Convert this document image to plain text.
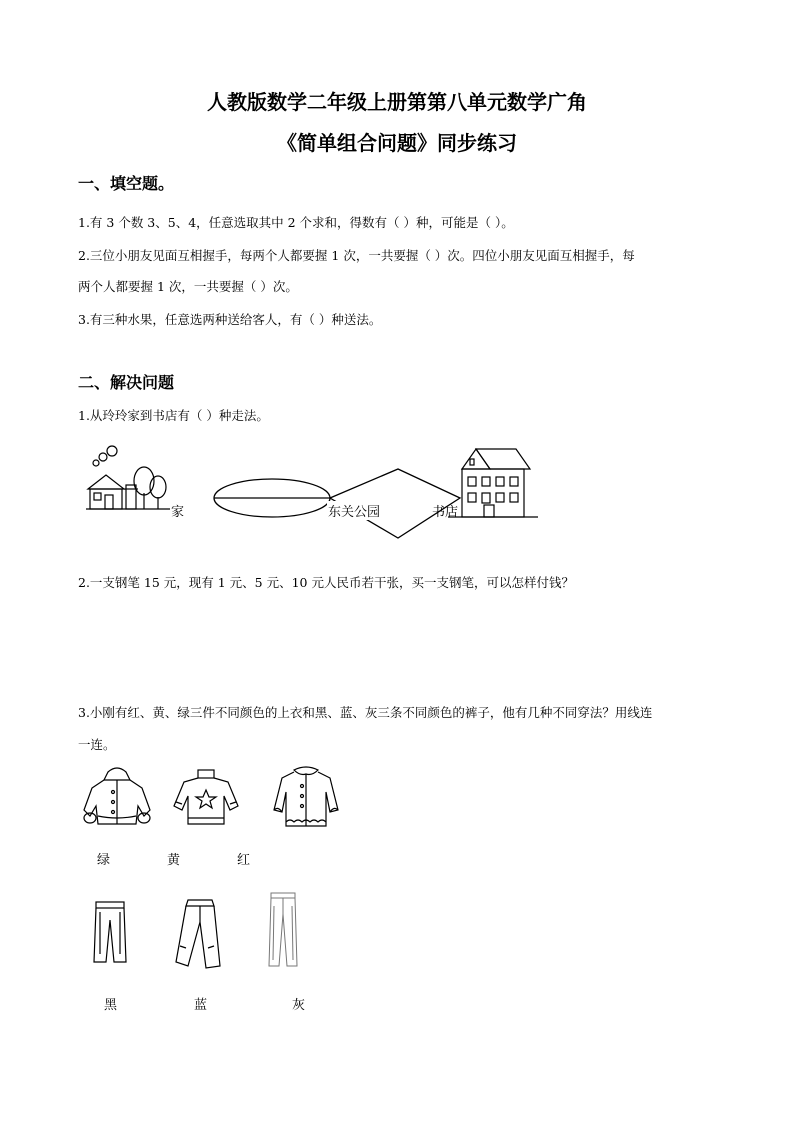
人教版数学二年级上册第第八单元数学广角
《简单组合问题》同步练习
一、填空题。
1.有 3 个数 3、5、4，任意选取其中 2 个求和，得数有（ ）种，可能是（ ）。
2.三位小朋友见面互相握手，每两个人都要握 1 次，一共要握（ ）次。四位小朋友见面互相握手，每
两个人都要握 1 次，一共要握（ ）次。
3.有三种水果，任意选两种送给客人，有（ ）种送法。
二、解决问题
1.从玲玲家到书店有（ ）种走法。
家	东关公园	书店
2.一支钢笔 15 元，现有 1 元、5 元、10 元人民币若干张，买一支钢笔，可以怎样付钱？
3.小刚有红、黄、绿三件不同颜色的上衣和黑、蓝、灰三条不同颜色的裤子，他有几种不同穿法？用线连
一连。
绿	黄	红
黑	蓝	灰
